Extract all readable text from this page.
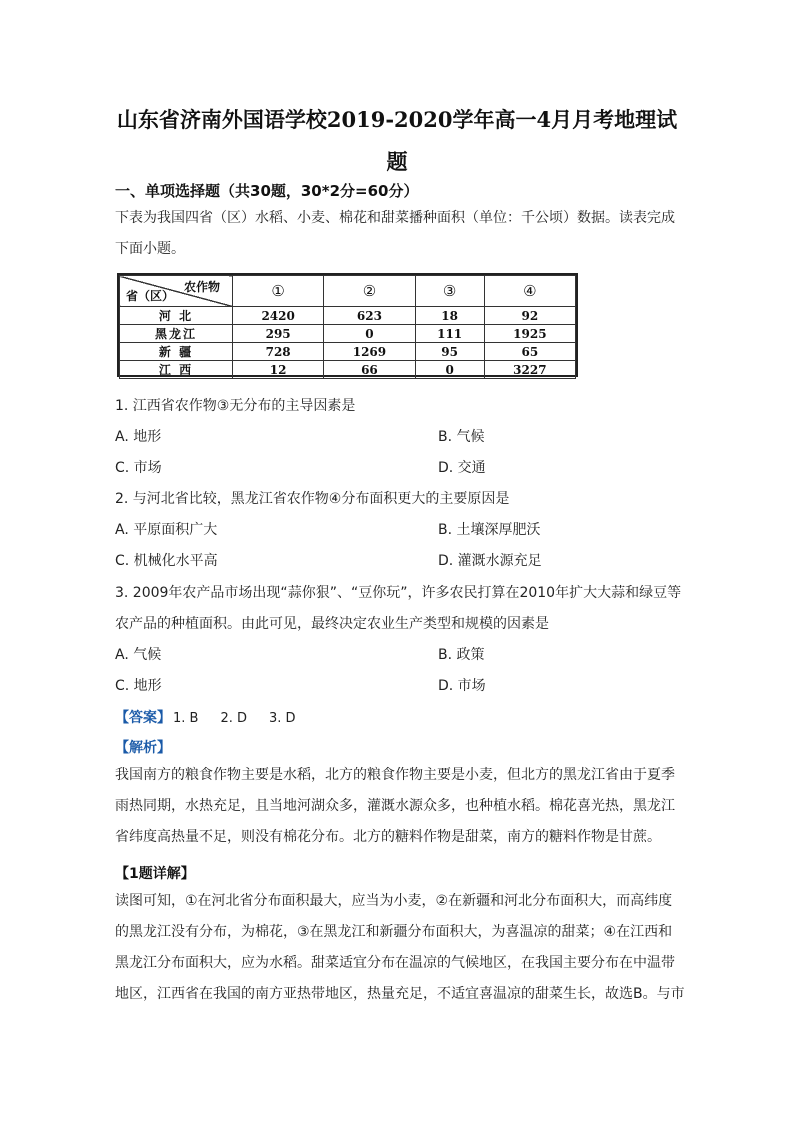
山东省济南外国语学校2019-2020学年高一4月月考地理试
题
一、单项选择题（共30题，30*2分=60分）
下表为我国四省（区）水稻、小麦、棉花和甜菜播种面积（单位：千公顷）数据。读表完成下面小题。
农作物
省（区）	①	②	③	④
河 北	2420	623	18	92
黑龙江	295	0	111	1925
新 疆	728	1269	95	65
江 西	12	66	0	3227
1. 江西省农作物③无分布的主导因素是
A. 地形	B. 气候
C. 市场	D. 交通
2. 与河北省比较，黑龙江省农作物④分布面积更大的主要原因是
A. 平原面积广大	B. 土壤深厚肥沃
C. 机械化水平高	D. 灌溉水源充足
3. 2009年农产品市场出现“蒜你狠”、“豆你玩”，许多农民打算在2010年扩大大蒜和绿豆等
农产品的种植面积。由此可见，最终决定农业生产类型和规模的因素是
A. 气候	B. 政策
C. 地形	D. 市场
【答案】 1. B 2. D 3. D
【解析】
我国南方的粮食作物主要是水稻，北方的粮食作物主要是小麦，但北方的黑龙江省由于夏季雨热同期，水热充足，且当地河湖众多，灌溉水源众多，也种植水稻。棉花喜光热，黑龙江省纬度高热量不足，则没有棉花分布。北方的糖料作物是甜菜，南方的糖料作物是甘蔗。
【1题详解】
读图可知，①在河北省分布面积最大，应当为小麦，②在新疆和河北分布面积大，而高纬度的黑龙江没有分布，为棉花，③在黑龙江和新疆分布面积大，为喜温凉的甜菜；④在江西和黑龙江分布面积大，应为水稻。甜菜适宜分布在温凉的气候地区，在我国主要分布在中温带地区，江西省在我国的南方亚热带地区，热量充足，不适宜喜温凉的甜菜生长，故选B。与市
